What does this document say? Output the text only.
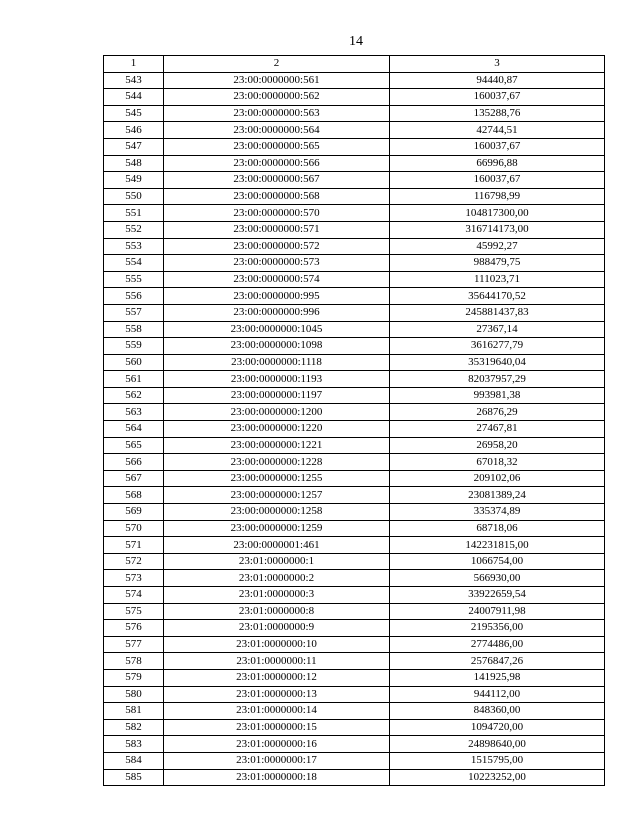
14
1	2	3
543	23:00:0000000:561	94440,87
544	23:00:0000000:562	160037,67
545	23:00:0000000:563	135288,76
546	23:00:0000000:564	42744,51
547	23:00:0000000:565	160037,67
548	23:00:0000000:566	66996,88
549	23:00:0000000:567	160037,67
550	23:00:0000000:568	116798,99
551	23:00:0000000:570	104817300,00
552	23:00:0000000:571	316714173,00
553	23:00:0000000:572	45992,27
554	23:00:0000000:573	988479,75
555	23:00:0000000:574	111023,71
556	23:00:0000000:995	35644170,52
557	23:00:0000000:996	245881437,83
558	23:00:0000000:1045	27367,14
559	23:00:0000000:1098	3616277,79
560	23:00:0000000:1118	35319640,04
561	23:00:0000000:1193	82037957,29
562	23:00:0000000:1197	993981,38
563	23:00:0000000:1200	26876,29
564	23:00:0000000:1220	27467,81
565	23:00:0000000:1221	26958,20
566	23:00:0000000:1228	67018,32
567	23:00:0000000:1255	209102,06
568	23:00:0000000:1257	23081389,24
569	23:00:0000000:1258	335374,89
570	23:00:0000000:1259	68718,06
571	23:00:0000001:461	142231815,00
572	23:01:0000000:1	1066754,00
573	23:01:0000000:2	566930,00
574	23:01:0000000:3	33922659,54
575	23:01:0000000:8	24007911,98
576	23:01:0000000:9	2195356,00
577	23:01:0000000:10	2774486,00
578	23:01:0000000:11	2576847,26
579	23:01:0000000:12	141925,98
580	23:01:0000000:13	944112,00
581	23:01:0000000:14	848360,00
582	23:01:0000000:15	1094720,00
583	23:01:0000000:16	24898640,00
584	23:01:0000000:17	1515795,00
585	23:01:0000000:18	10223252,00
